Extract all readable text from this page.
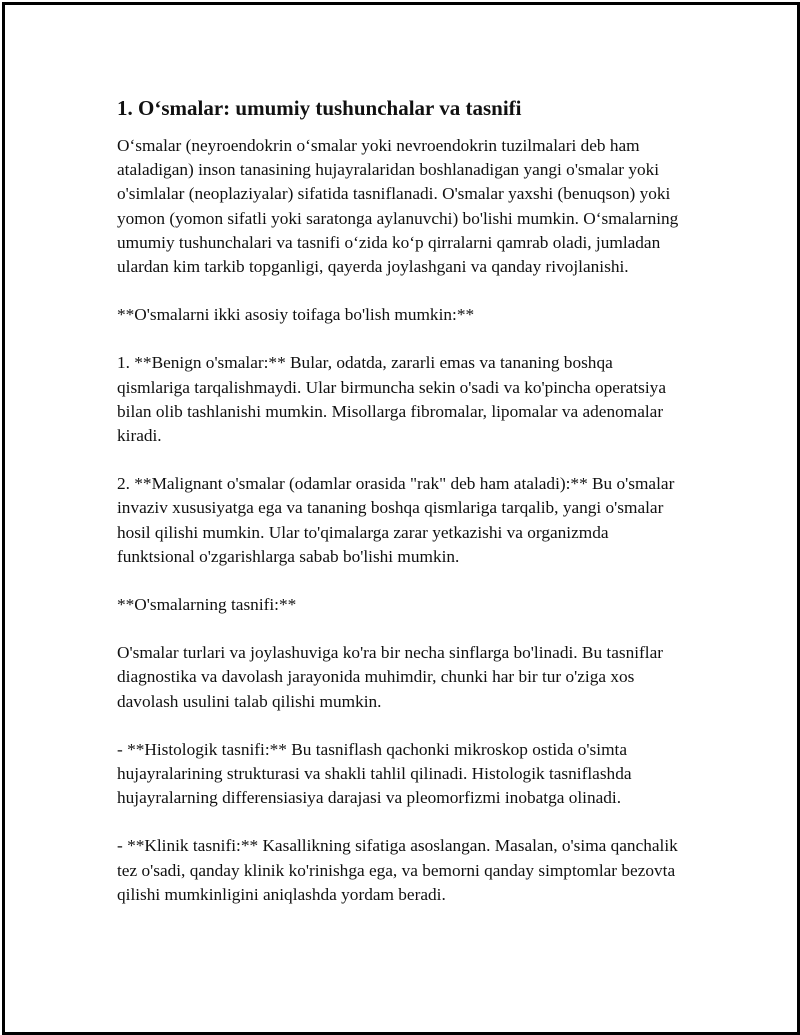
1. O‘smalar: umumiy tushunchalar va tasnifi

O‘smalar (neyroendokrin o‘smalar yoki nevroendokrin tuzilmalari deb ham ataladigan) inson tanasining hujayralaridan boshlanadigan yangi o'smalar yoki o'simlalar (neoplaziyalar) sifatida tasniflanadi. O'smalar yaxshi (benuqson) yoki yomon (yomon sifatli yoki saratonga aylanuvchi) bo'lishi mumkin. O‘smalarning umumiy tushunchalari va tasnifi o‘zida ko‘p qirralarni qamrab oladi, jumladan ulardan kim tarkib topganligi, qayerda joylashgani va qanday rivojlanishi.

**O'smalarni ikki asosiy toifaga bo'lish mumkin:**

1. **Benign o'smalar:** Bular, odatda, zararli emas va tananing boshqa qismlariga tarqalishmaydi. Ular birmuncha sekin o'sadi va ko'pincha operatsiya bilan olib tashlanishi mumkin. Misollarga fibromalar, lipomalar va adenomalar kiradi.

2. **Malignant o'smalar (odamlar orasida "rak" deb ham ataladi):** Bu o'smalar invaziv xususiyatga ega va tananing boshqa qismlariga tarqalib, yangi o'smalar hosil qilishi mumkin. Ular to'qimalarga zarar yetkazishi va organizmda funktsional o'zgarishlarga sabab bo'lishi mumkin.

**O'smalarning tasnifi:**

O'smalar turlari va joylashuviga ko'ra bir necha sinflarga bo'linadi. Bu tasniflar diagnostika va davolash jarayonida muhimdir, chunki har bir tur o'ziga xos davolash usulini talab qilishi mumkin.

- **Histologik tasnifi:** Bu tasniflash qachonki mikroskop ostida o'simta hujayralarining strukturasi va shakli tahlil qilinadi. Histologik tasniflashda hujayralarning differensiasiya darajasi va pleomorfizmi inobatga olinadi.

- **Klinik tasnifi:** Kasallikning sifatiga asoslangan. Masalan, o'sima qanchalik tez o'sadi, qanday klinik ko'rinishga ega, va bemorni qanday simptomlar bezovta qilishi mumkinligini aniqlashda yordam beradi.
